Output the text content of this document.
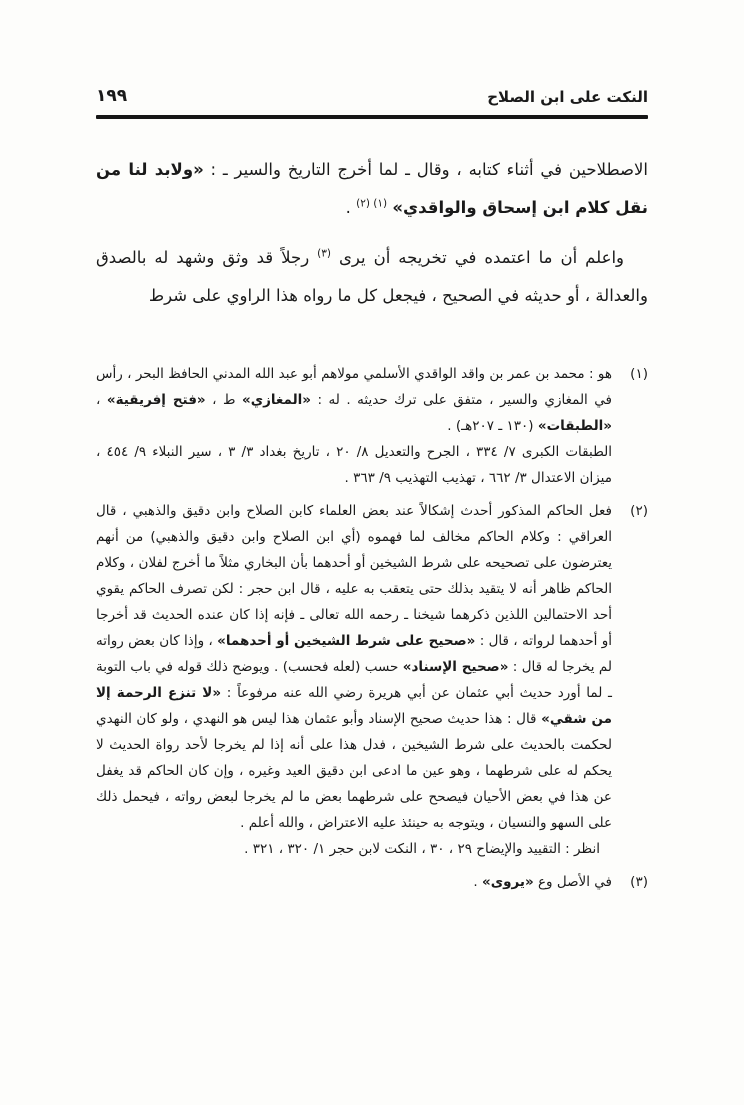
النكت على ابن الصلاح
١٩٩

الاصطلاحين في أثناء كتابه ، وقال ـ لما أخرج التاريخ والسير ـ : «ولابد لنا من نقل كلام ابن إسحاق والواقدي» $^{(١) (٢)}$ .

واعلم أن ما اعتمده في تخريجه أن يرى $^{(٣)}$ رجلاً قد وثق وشهد له بالصدق والعدالة ، أو حديثه في الصحيح ، فيجعل كل ما رواه هذا الراوي على شرط

(١)

هو : محمد بن عمر بن واقد الواقدي الأسلمي مولاهم أبو عبد الله المدني الحافظ البحر ، رأس في المغازي والسير ، متفق على ترك حديثه . له : «المغازي» ط ، «فتح إفريقية» ، «الطبقات» (١٣٠ ـ ٢٠٧هـ) .

الطبقات الكبرى ٧/ ٣٣٤ ، الجرح والتعديل ٨/ ٢٠ ، تاريخ بغداد ٣/ ٣ ، سير النبلاء ٩/ ٤٥٤ ، ميزان الاعتدال ٣/ ٦٦٢ ، تهذيب التهذيب ٩/ ٣٦٣ .

(٢)

فعل الحاكم المذكور أحدث إشكالاً عند بعض العلماء كابن الصلاح وابن دقيق والذهبي ، قال العراقي : وكلام الحاكم مخالف لما فهموه (أي ابن الصلاح وابن دقيق والذهبي) من أنهم يعترضون على تصحيحه على شرط الشيخين أو أحدهما بأن البخاري مثلاً ما أخرج لفلان ، وكلام الحاكم ظاهر أنه لا يتقيد بذلك حتى يتعقب به عليه ، قال ابن حجر : لكن تصرف الحاكم يقوي أحد الاحتمالين اللذين ذكرهما شيخنا ـ رحمه الله تعالى ـ فإنه إذا كان عنده الحديث قد أخرجا أو أحدهما لرواته ، قال : «صحيح على شرط الشيخين أو أحدهما» ، وإذا كان بعض رواته لم يخرجا له قال : «صحيح الإسناد» حسب (لعله فحسب) . ويوضح ذلك قوله في باب التوبة ـ لما أورد حديث أبي عثمان عن أبي هريرة رضي الله عنه مرفوعاً : «لا تنزع الرحمة إلا من شقي» قال : هذا حديث صحيح الإسناد وأبو عثمان هذا ليس هو النهدي ، ولو كان النهدي لحكمت بالحديث على شرط الشيخين ، فدل هذا على أنه إذا لم يخرجا لأحد رواة الحديث لا يحكم له على شرطهما ، وهو عين ما ادعى ابن دقيق العيد وغيره ، وإن كان الحاكم قد يغفل عن هذا في بعض الأحيان فيصحح على شرطهما بعض ما لم يخرجا لبعض رواته ، فيحمل ذلك على السهو والنسيان ، ويتوجه به حينئذ عليه الاعتراض ، والله أعلم .

انظر : التقييد والإيضاح ٢٩ ، ٣٠ ، النكت لابن حجر ١/ ٣٢٠ ، ٣٢١ .

(٣)

في الأصل وع «يروى» .
